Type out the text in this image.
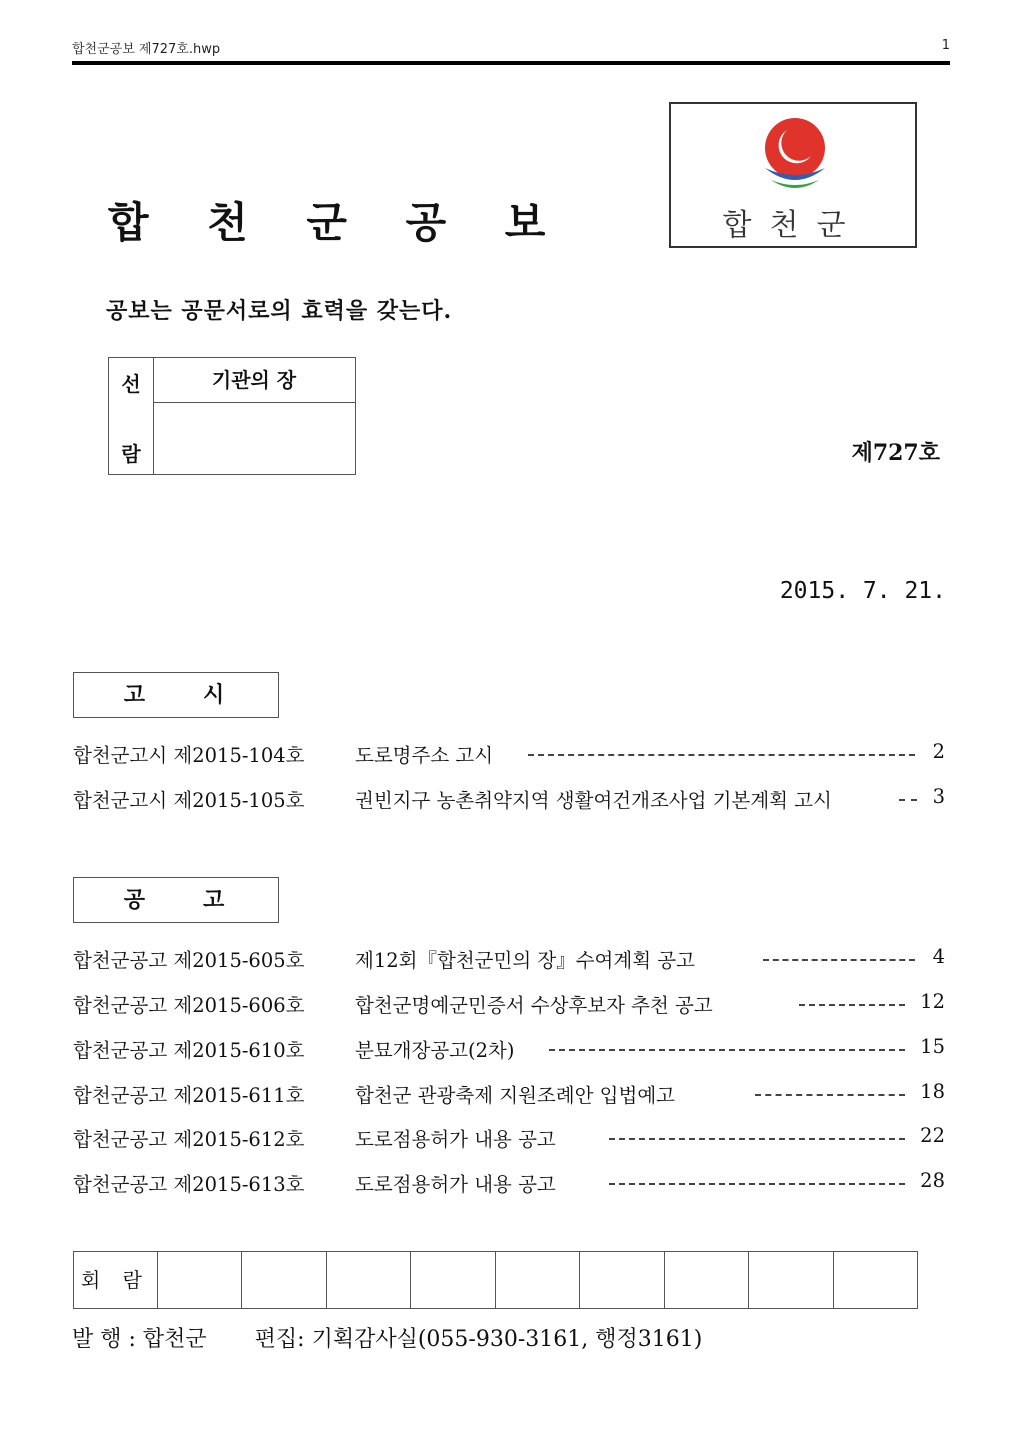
합천군공보 제727호.hwp	1
합 천 군 공 보	합천군
공보는 공문서로의 효력을 갖는다.
선
람
기관의 장
제727호
2015. 7. 21.
고 시
합천군고시 제2015-104호	도로명주소 고시	2
합천군고시 제2015-105호	권빈지구 농촌취약지역 생활여건개조사업 기본계획 고시	3
공 고
합천군공고 제2015-605호	제12회『합천군민의 장』수여계획 공고	4
합천군공고 제2015-606호	합천군명예군민증서 수상후보자 추천 공고	12
합천군공고 제2015-610호	분묘개장공고(2차)	15
합천군공고 제2015-611호	합천군 관광축제 지원조례안 입법예고	18
합천군공고 제2015-612호	도로점용허가 내용 공고	22
합천군공고 제2015-613호	도로점용허가 내용 공고	28
회 람
발 행 : 합천군 편집: 기획감사실(055-930-3161, 행정3161)
